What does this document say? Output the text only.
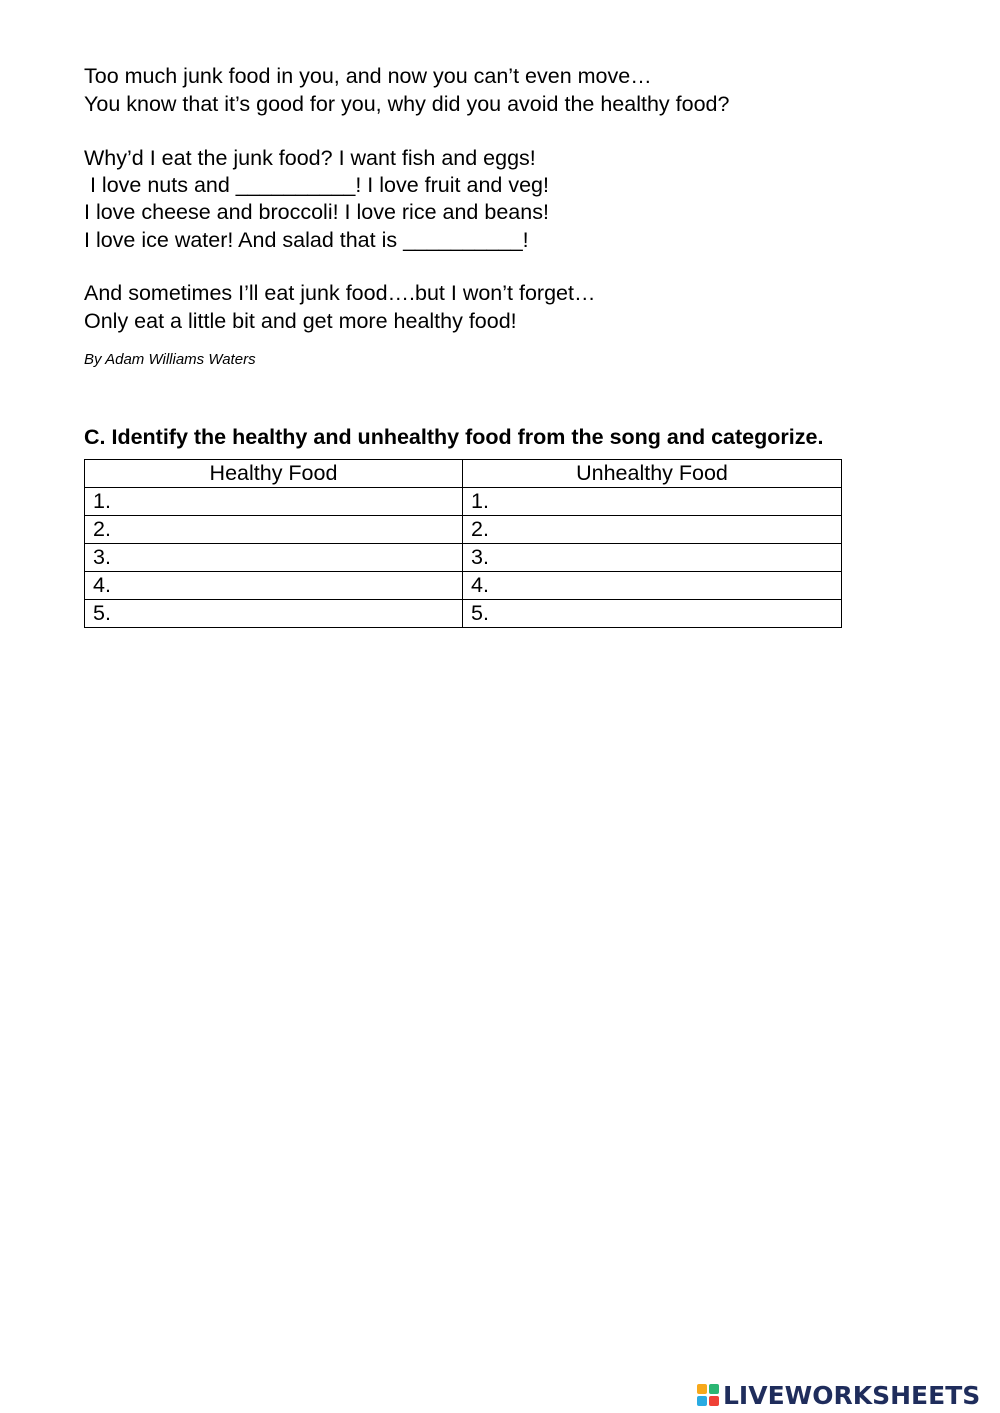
Too much junk food in you, and now you can’t even move…
You know that it’s good for you, why did you avoid the healthy food?
Why’d I eat the junk food? I want fish and eggs!
I love nuts and __________! I love fruit and veg!
I love cheese and broccoli! I love rice and beans!
I love ice water! And salad that is __________!
And sometimes I’ll eat junk food….but I won’t forget…
Only eat a little bit and get more healthy food!
By Adam Williams Waters
C. Identify the healthy and unhealthy food from the song and categorize.
Healthy Food	Unhealthy Food
1.	1.
2.	2.
3.	3.
4.	4.
5.	5.
LIVEWORKSHEETS
